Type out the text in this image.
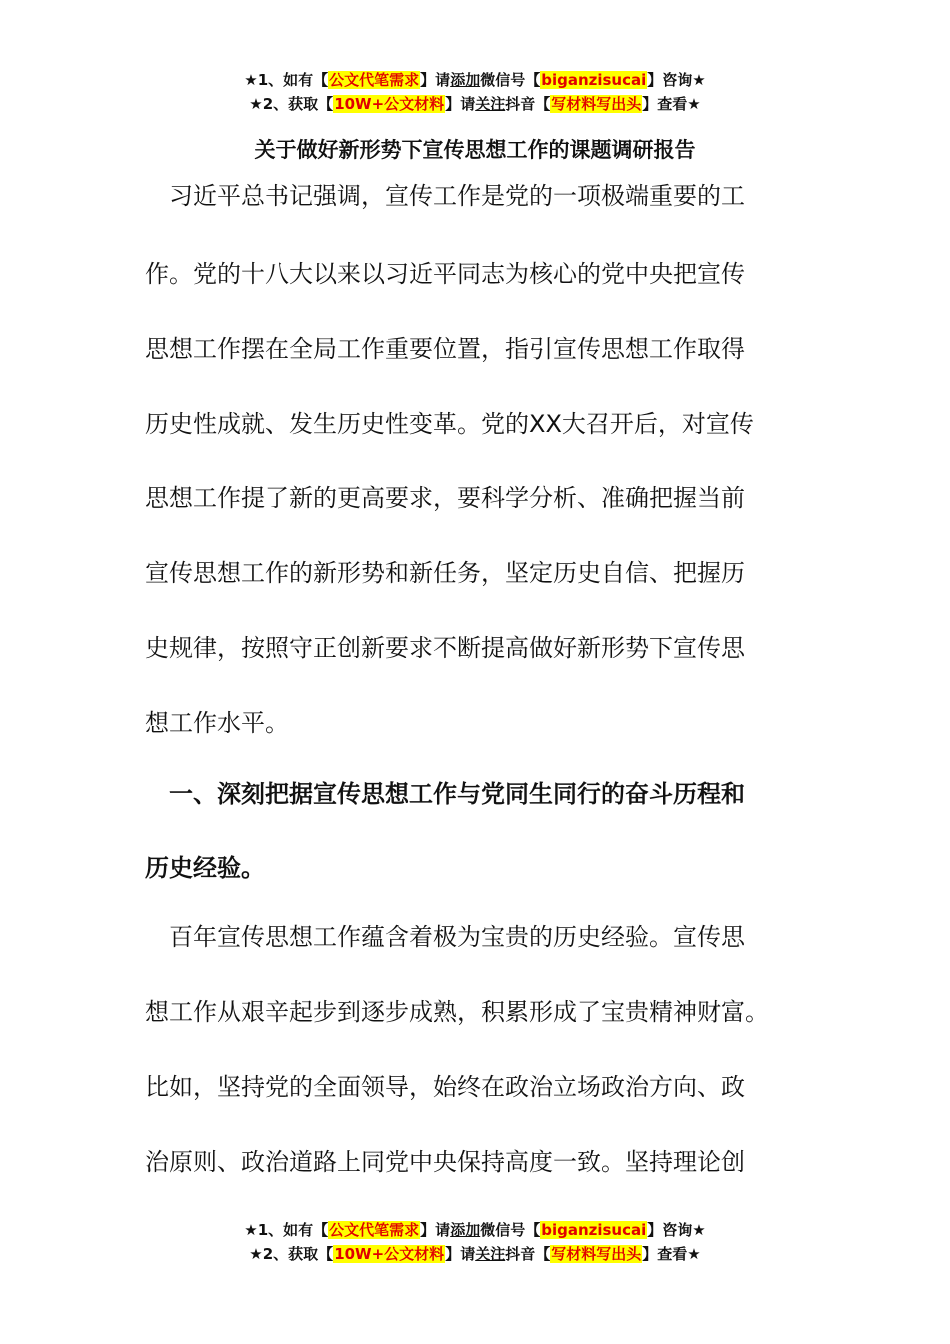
★1、如有【公文代笔需求】请添加微信号【biganzisucai】咨询★
★2、获取【10W+公文材料】请关注抖音【写材料写出头】查看★
关于做好新形势下宣传思想工作的课题调研报告
　习近平总书记强调，宣传工作是党的一项极端重要的工
作。党的十八大以来以习近平同志为核心的党中央把宣传
思想工作摆在全局工作重要位置，指引宣传思想工作取得
历史性成就、发生历史性变革。党的XX大召开后，对宣传
思想工作提了新的更高要求，要科学分析、准确把握当前
宣传思想工作的新形势和新任务，坚定历史自信、把握历
史规律，按照守正创新要求不断提高做好新形势下宣传思
想工作水平。
　一、深刻把据宣传思想工作与党同生同行的奋斗历程和
历史经验。
　百年宣传思想工作蕴含着极为宝贵的历史经验。宣传思
想工作从艰辛起步到逐步成熟，积累形成了宝贵精神财富。
比如，坚持党的全面领导，始终在政治立场政治方向、政
治原则、政治道路上同党中央保持高度一致。坚持理论创
★1、如有【公文代笔需求】请添加微信号【biganzisucai】咨询★
★2、获取【10W+公文材料】请关注抖音【写材料写出头】查看★
